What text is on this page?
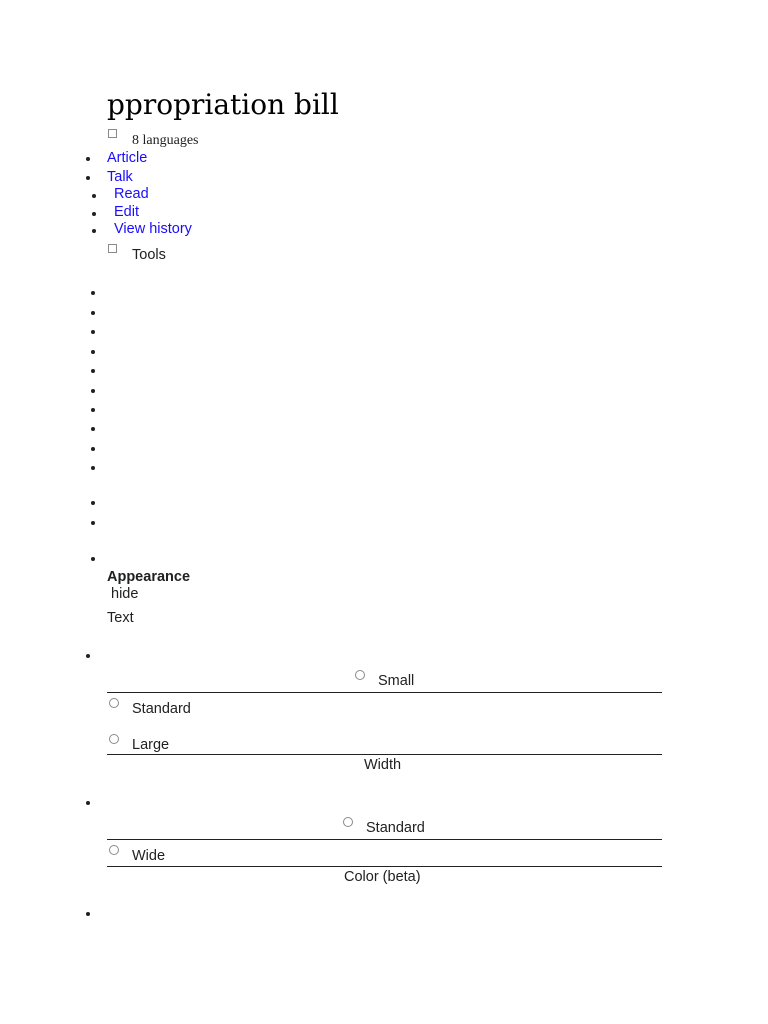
ppropriation bill
8 languages
Article
Talk
Read
Edit
View history
Tools
Appearance
hide
Text
Small
Standard
Large
Width
Standard
Wide
Color (beta)
